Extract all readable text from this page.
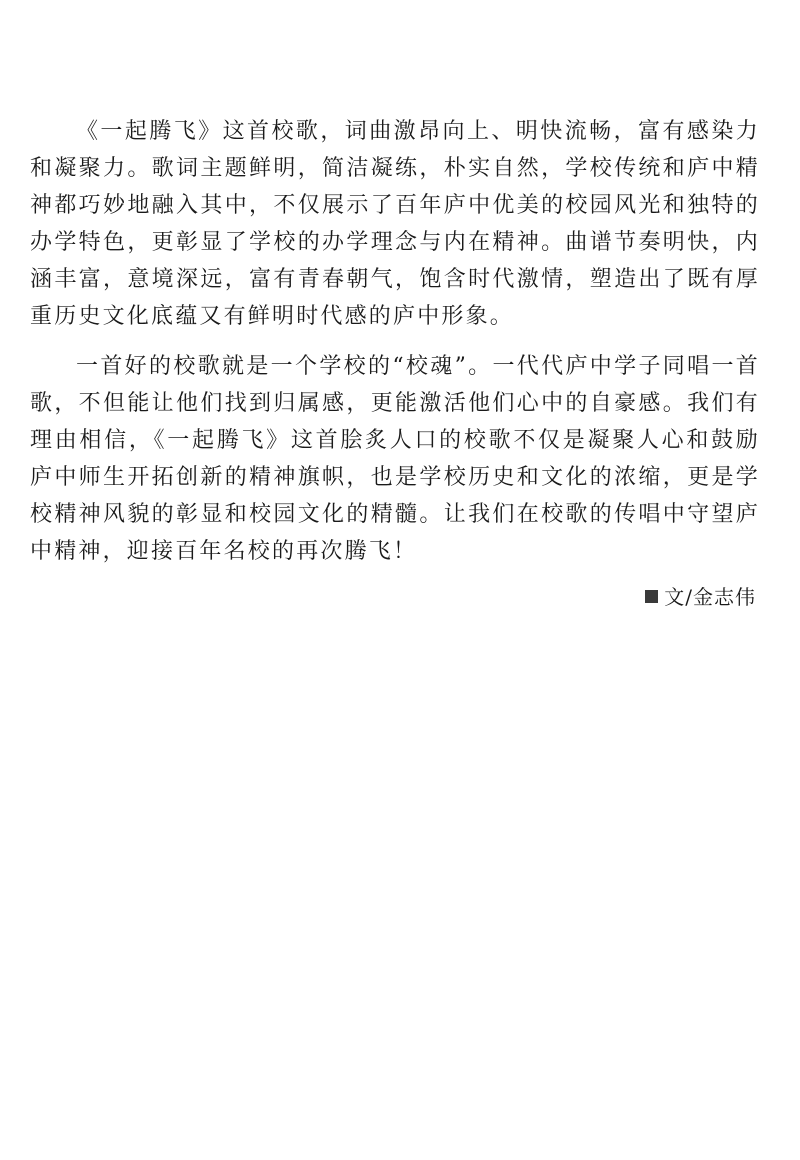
《一起腾飞》这首校歌，词曲激昂向上、明快流畅，富有感染力和凝聚力。歌词主题鲜明，简洁凝练，朴实自然，学校传统和庐中精神都巧妙地融入其中，不仅展示了百年庐中优美的校园风光和独特的办学特色，更彰显了学校的办学理念与内在精神。曲谱节奏明快，内涵丰富，意境深远，富有青春朝气，饱含时代激情，塑造出了既有厚重历史文化底蕴又有鲜明时代感的庐中形象。

一首好的校歌就是一个学校的“校魂”。一代代庐中学子同唱一首歌，不但能让他们找到归属感，更能激活他们心中的自豪感。我们有理由相信，《一起腾飞》这首脍炙人口的校歌不仅是凝聚人心和鼓励庐中师生开拓创新的精神旗帜，也是学校历史和文化的浓缩，更是学校精神风貌的彰显和校园文化的精髓。让我们在校歌的传唱中守望庐中精神，迎接百年名校的再次腾飞！

文/金志伟
